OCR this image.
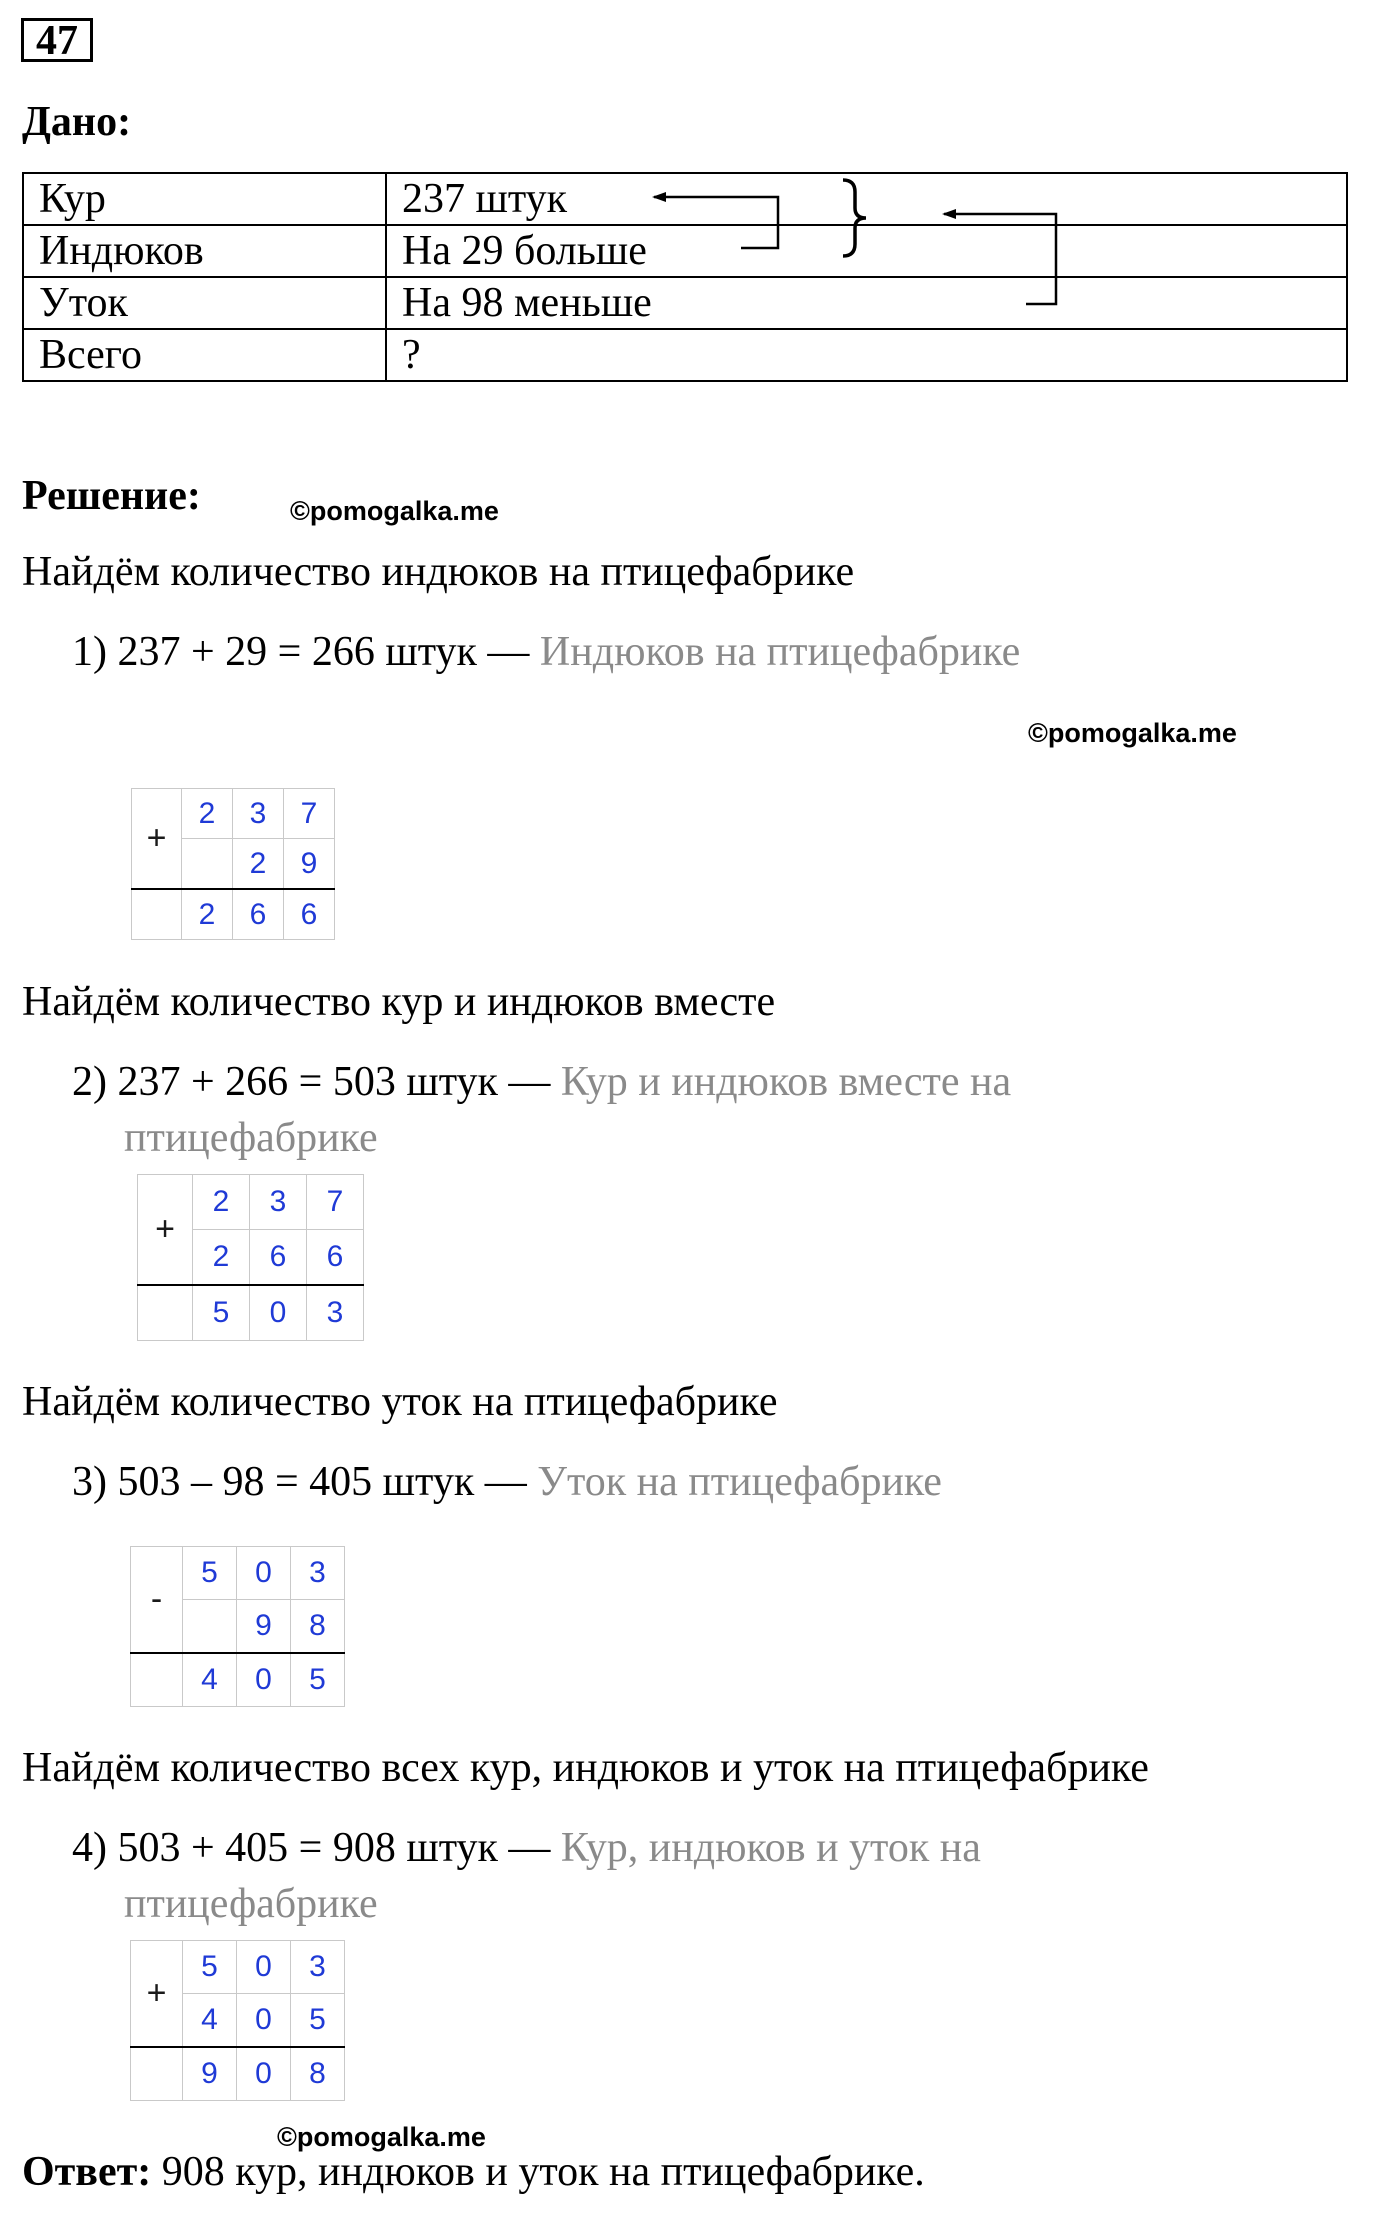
47
Дано:
Кур	237 штук
Индюков	На 29 больше
Уток	На 98 меньше
Всего	?
Решение:	©pomogalka.me
Найдём количество индюков на птицефабрике
1) 237 + 29 = 266 штук — Индюков на птицефабрике
©pomogalka.me
+	2	3	7
		2	9
	2	6	6
Найдём количество кур и индюков вместе
2) 237 + 266 = 503 штук — Кур и индюков вместе на
птицефабрике
+	2	3	7
	2	6	6
	5	0	3
Найдём количество уток на птицефабрике
3) 503 – 98 = 405 штук — Уток на птицефабрике
-	5	0	3
		9	8
	4	0	5
Найдём количество всех кур, индюков и уток на птицефабрике
4) 503 + 405 = 908 штук — Кур, индюков и уток на
птицефабрике
+	5	0	3
	4	0	5
	9	0	8
©pomogalka.me
Ответ: 908 кур, индюков и уток на птицефабрике.
